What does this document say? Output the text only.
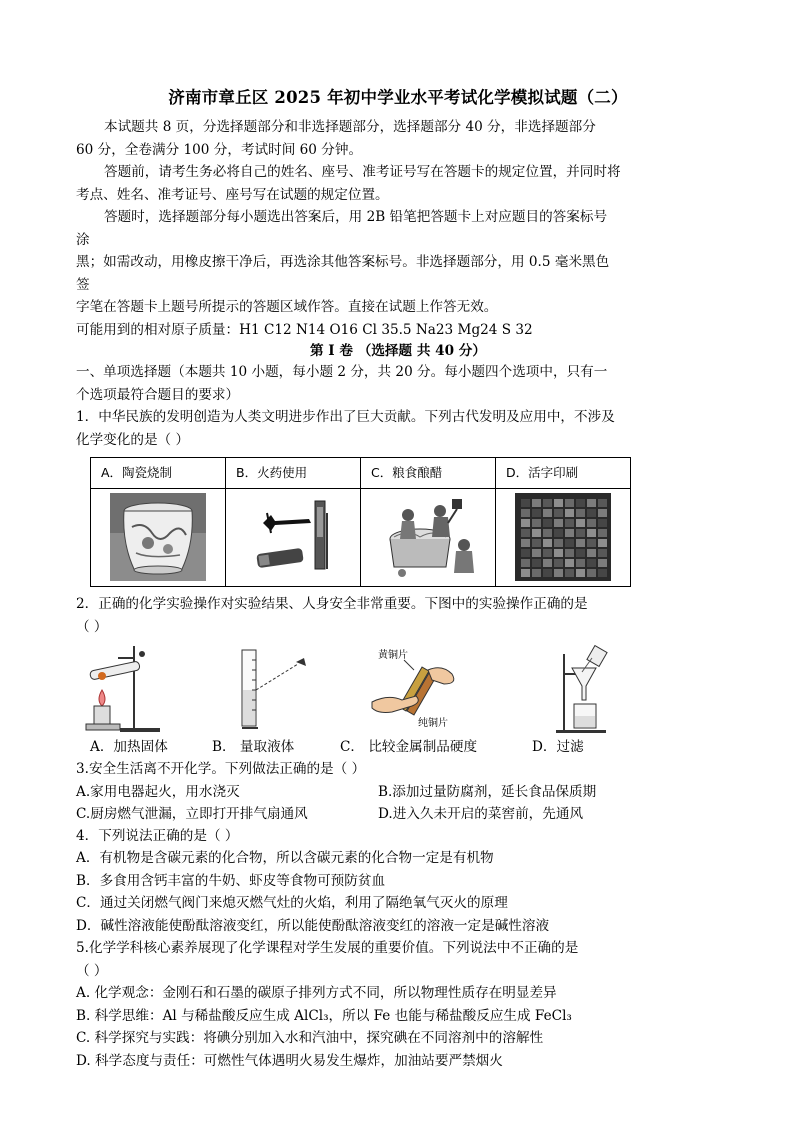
济南市章丘区 2025 年初中学业水平考试化学模拟试题（二）

本试题共 8 页，分选择题部分和非选择题部分，选择题部分 40 分，非选择题部分

60 分，全卷满分 100 分，考试时间 60 分钟。

答题前，请考生务必将自己的姓名、座号、准考证号写在答题卡的规定位置，并同时将

考点、姓名、准考证号、座号写在试题的规定位置。

答题时，选择题部分每小题选出答案后，用 2B 铅笔把答题卡上对应题目的答案标号

涂

黑；如需改动，用橡皮擦干净后，再选涂其他答案标号。非选择题部分，用 0.5 毫米黑色

签

字笔在答题卡上题号所提示的答题区域作答。直接在试题上作答无效。

可能用到的相对原子质量：H1 C12 N14 O16 Cl 35.5 Na23 Mg24 S 32

第 I 卷 （选择题 共 40 分）

一、单项选择题（本题共 10 小题，每小题 2 分，共 20 分。每小题四个选项中，只有一

个选项最符合题目的要求）

1．中华民族的发明创造为人类文明进步作出了巨大贡献。下列古代发明及应用中，不涉及

化学变化的是（ ）

A．陶瓷烧制	B．火药使用	C．粮食酿醋	D．活字印刷

2．正确的化学实验操作对实验结果、人身安全非常重要。下图中的实验操作正确的是

（ ）

黄铜片
纯铜片
A．加热固体	B． 量取液体	C． 比较金属制品硬度	D．过滤

3.安全生活离不开化学。下列做法正确的是（ ）

A.家用电器起火，用水浇灭	B.添加过量防腐剂，延长食品保质期
C.厨房燃气泄漏，立即打开排气扇通风	D.进入久未开启的菜窖前，先通风

4．下列说法正确的是（ ）

A．有机物是含碳元素的化合物，所以含碳元素的化合物一定是有机物

B．多食用含钙丰富的牛奶、虾皮等食物可预防贫血

C．通过关闭燃气阀门来熄灭燃气灶的火焰，利用了隔绝氧气灭火的原理

D．碱性溶液能使酚酞溶液变红，所以能使酚酞溶液变红的溶液一定是碱性溶液

5.化学学科核心素养展现了化学课程对学生发展的重要价值。下列说法中不正确的是

（ ）

A. 化学观念：金刚石和石墨的碳原子排列方式不同，所以物理性质存在明显差异

B. 科学思维：Al 与稀盐酸反应生成 AlCl₃，所以 Fe 也能与稀盐酸反应生成 FeCl₃

C. 科学探究与实践：将碘分别加入水和汽油中，探究碘在不同溶剂中的溶解性

D. 科学态度与责任：可燃性气体遇明火易发生爆炸，加油站要严禁烟火
